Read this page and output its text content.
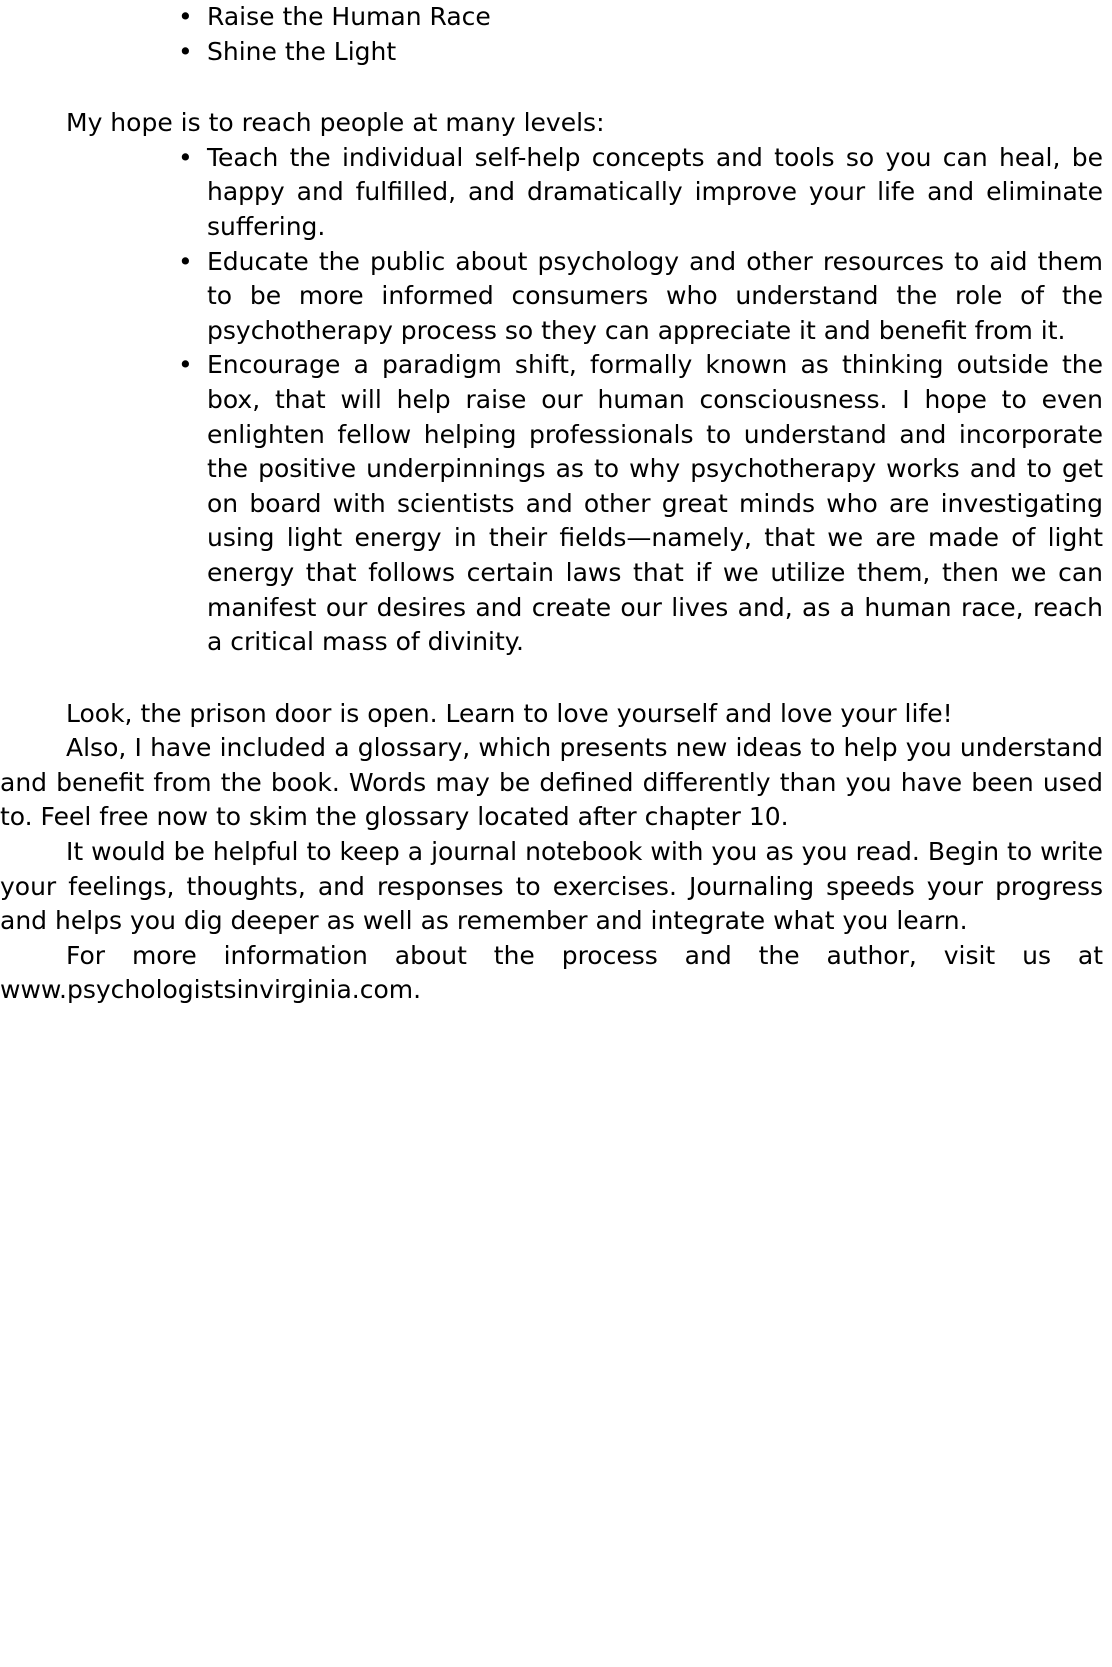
• Raise the Human Race
• Shine the Light

My hope is to reach people at many levels:

• Teach the individual self-help concepts and tools so you can heal, be happy and fulfilled, and dramatically improve your life and eliminate suffering.
• Educate the public about psychology and other resources to aid them to be more informed consumers who understand the role of the psychotherapy process so they can appreciate it and benefit from it.
• Encourage a paradigm shift, formally known as thinking outside the box, that will help raise our human consciousness. I hope to even enlighten fellow helping professionals to understand and incorporate the positive underpinnings as to why psychotherapy works and to get on board with scientists and other great minds who are investigating using light energy in their fields—namely, that we are made of light energy that follows certain laws that if we utilize them, then we can manifest our desires and create our lives and, as a human race, reach a critical mass of divinity.

Look, the prison door is open. Learn to love yourself and love your life!

Also, I have included a glossary, which presents new ideas to help you understand and benefit from the book. Words may be defined differently than you have been used to. Feel free now to skim the glossary located after chapter 10.

It would be helpful to keep a journal notebook with you as you read. Begin to write your feelings, thoughts, and responses to exercises. Journaling speeds your progress and helps you dig deeper as well as remember and integrate what you learn.

For more information about the process and the author, visit us at www.psychologistsinvirginia.com.
